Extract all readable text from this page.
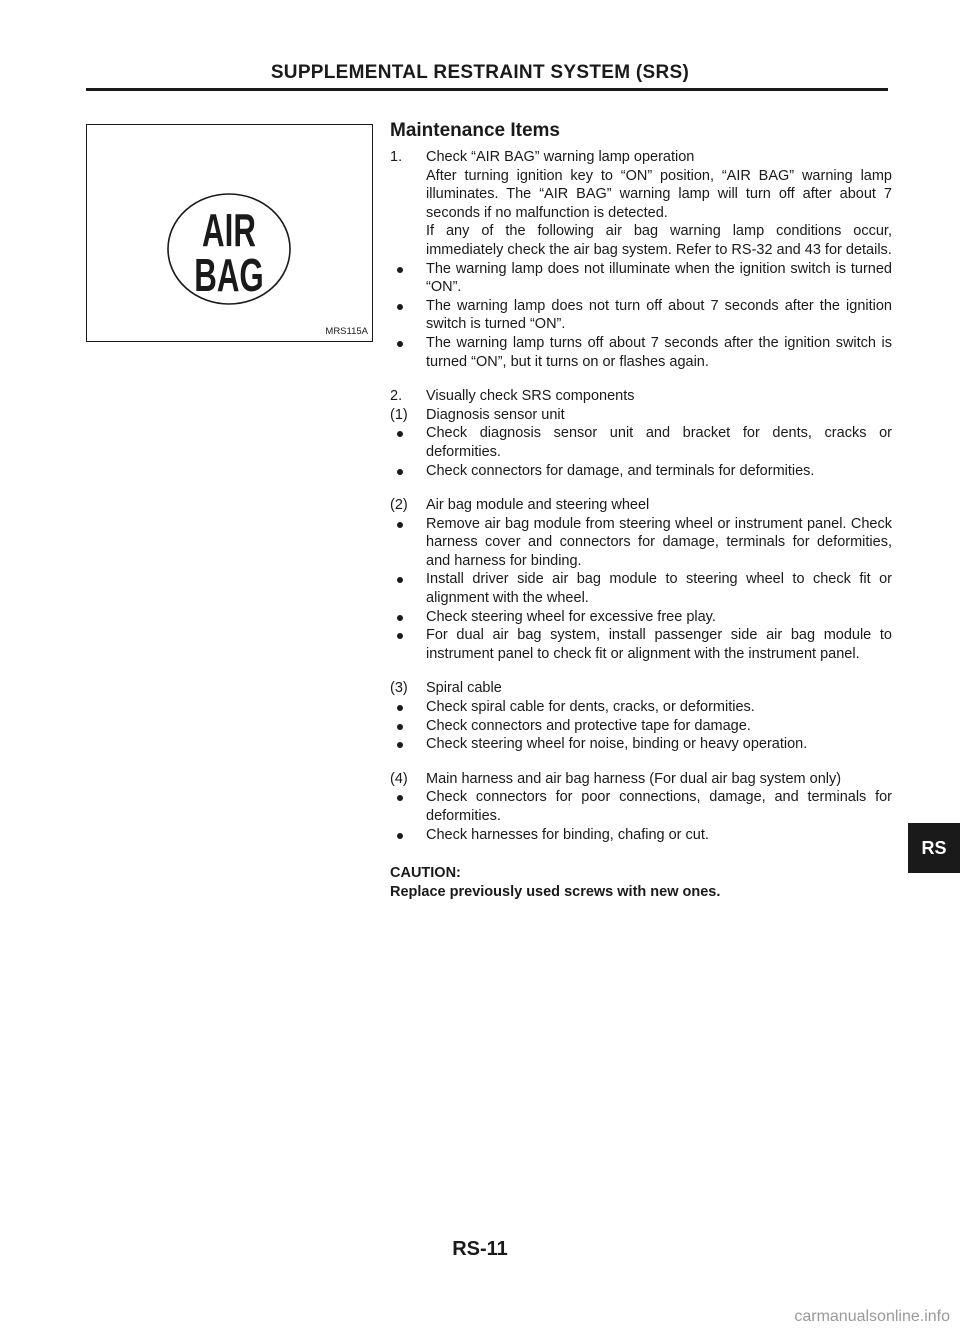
SUPPLEMENTAL RESTRAINT SYSTEM (SRS)
AIR
BAG
MRS115A
Maintenance Items
1. Check “AIR BAG” warning lamp operation
After turning ignition key to “ON” position, “AIR BAG” warning lamp illuminates. The “AIR BAG” warning lamp will turn off after about 7 seconds if no malfunction is detected.
If any of the following air bag warning lamp conditions occur, immediately check the air bag system. Refer to RS-32 and 43 for details.
The warning lamp does not illuminate when the ignition switch is turned “ON”.
The warning lamp does not turn off about 7 seconds after the ignition switch is turned “ON”.
The warning lamp turns off about 7 seconds after the ignition switch is turned “ON”, but it turns on or flashes again.
2. Visually check SRS components
(1) Diagnosis sensor unit
Check diagnosis sensor unit and bracket for dents, cracks or deformities.
Check connectors for damage, and terminals for deformities.
(2) Air bag module and steering wheel
Remove air bag module from steering wheel or instrument panel. Check harness cover and connectors for damage, terminals for deformities, and harness for binding.
Install driver side air bag module to steering wheel to check fit or alignment with the wheel.
Check steering wheel for excessive free play.
For dual air bag system, install passenger side air bag module to instrument panel to check fit or alignment with the instrument panel.
(3) Spiral cable
Check spiral cable for dents, cracks, or deformities.
Check connectors and protective tape for damage.
Check steering wheel for noise, binding or heavy operation.
(4) Main harness and air bag harness (For dual air bag system only)
Check connectors for poor connections, damage, and terminals for deformities.
Check harnesses for binding, chafing or cut.
CAUTION:
Replace previously used screws with new ones.
RS
RS-11
carmanualsonline.info
